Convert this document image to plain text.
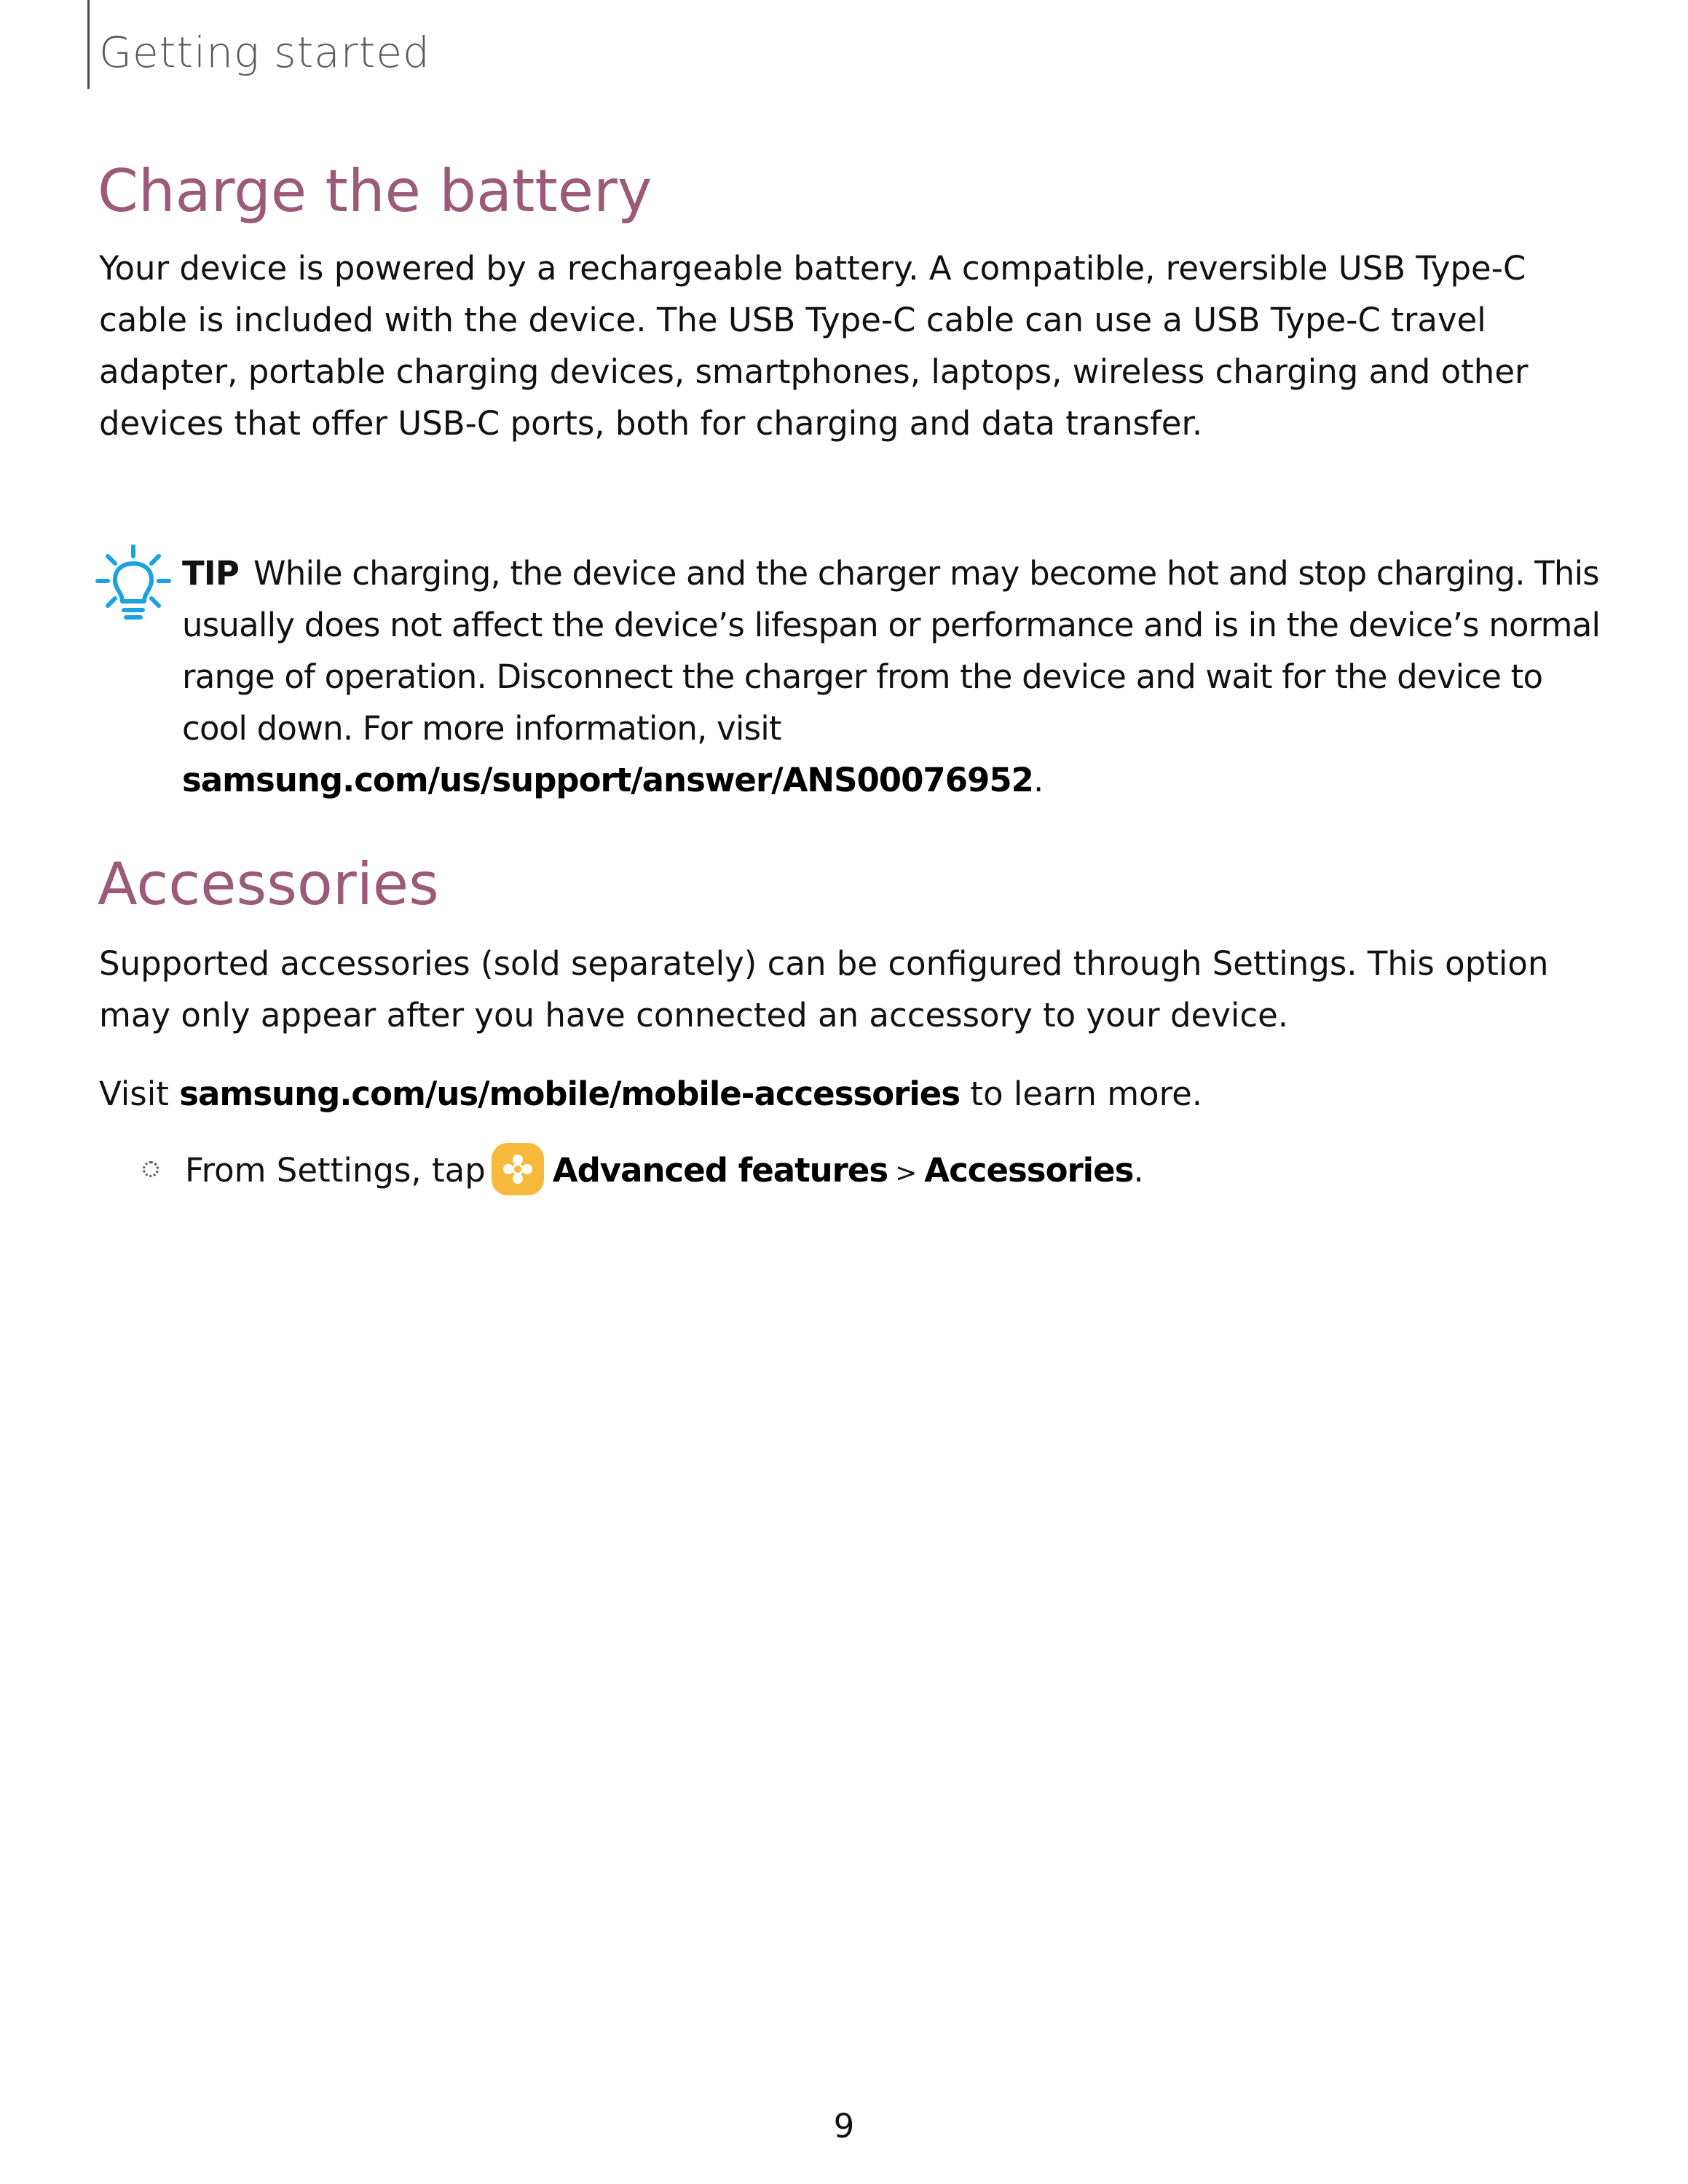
Getting started
Charge the battery

Your device is powered by a rechargeable battery. A compatible, reversible USB Type-C cable is included with the device. The USB Type-C cable can use a USB Type-C travel adapter, portable charging devices, smartphones, laptops, wireless charging and other devices that offer USB-C ports, both for charging and data transfer.

TIP While charging, the device and the charger may become hot and stop charging. This usually does not affect the device’s lifespan or performance and is in the device’s normal range of operation. Disconnect the charger from the device and wait for the device to cool down. For more information, visit samsung.com/us/support/answer/ANS00076952.

Accessories

Supported accessories (sold separately) can be configured through Settings. This option may only appear after you have connected an accessory to your device.

Visit samsung.com/us/mobile/mobile-accessories to learn more.

From Settings, tap Advanced features > Accessories.

9
